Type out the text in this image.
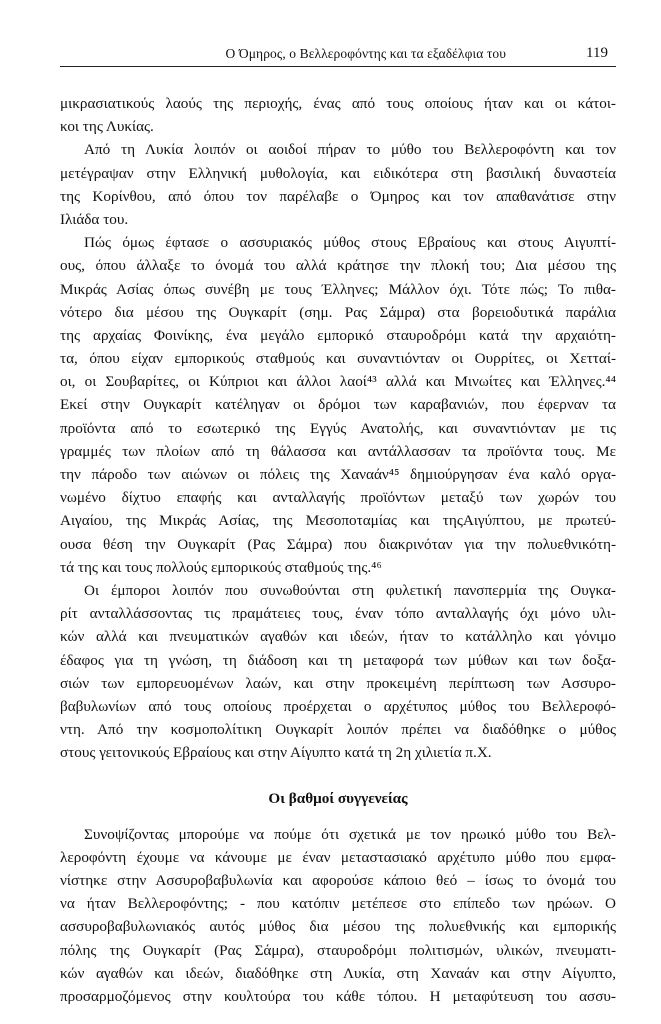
Ο Όμηρος, ο Βελλεροφόντης και τα εξαδέλφια του	119
μικρασιατικούς λαούς της περιοχής, ένας από τους οποίους ήταν και οι κάτοι-
κοι της Λυκίας.
Από τη Λυκία λοιπόν οι αοιδοί πήραν το μύθο του Βελλεροφόντη και τον
μετέγραψαν στην Ελληνική μυθολογία, και ειδικότερα στη βασιλική δυναστεία
της Κορίνθου, από όπου τον παρέλαβε ο Όμηρος και τον απαθανάτισε στην
Ιλιάδα του.
Πώς όμως έφτασε ο ασσυριακός μύθος στους Εβραίους και στους Αιγυπτί-
ους, όπου άλλαξε το όνομά του αλλά κράτησε την πλοκή του; Δια μέσου της
Μικράς Ασίας όπως συνέβη με τους Έλληνες; Μάλλον όχι. Τότε πώς; Το πιθα-
νότερο δια μέσου της Ουγκαρίτ (σημ. Ρας Σάμρα) στα βορειοδυτικά παράλια
της αρχαίας Φοινίκης, ένα μεγάλο εμπορικό σταυροδρόμι κατά την αρχαιότη-
τα, όπου είχαν εμπορικούς σταθμούς και συναντιόνταν οι Ουρρίτες, οι Χετταί-
οι, οι Σουβαρίτες, οι Κύπριοι και άλλοι λαοί⁴³ αλλά και Μινωίτες και Έλληνες.⁴⁴
Εκεί στην Ουγκαρίτ κατέληγαν οι δρόμοι των καραβανιών, που έφερναν τα
προϊόντα από το εσωτερικό της Εγγύς Ανατολής, και συναντιόνταν με τις
γραμμές των πλοίων από τη θάλασσα και αντάλλασσαν τα προϊόντα τους. Με
την πάροδο των αιώνων οι πόλεις της Χαναάν⁴⁵ δημιούργησαν ένα καλό οργα-
νωμένο δίχτυο επαφής και ανταλλαγής προϊόντων μεταξύ των χωρών του
Αιγαίου, της Μικράς Ασίας, της Μεσοποταμίας και τηςΑιγύπτου, με πρωτεύ-
ουσα θέση την Ουγκαρίτ (Ρας Σάμρα) που διακρινόταν για την πολυεθνικότη-
τά της και τους πολλούς εμπορικούς σταθμούς της.⁴⁶
Οι έμποροι λοιπόν που συνωθούνται στη φυλετική πανσπερμία της Ουγκα-
ρίτ ανταλλάσσοντας τις πραμάτειες τους, έναν τόπο ανταλλαγής όχι μόνο υλι-
κών αλλά και πνευματικών αγαθών και ιδεών, ήταν το κατάλληλο και γόνιμο
έδαφος για τη γνώση, τη διάδοση και τη μεταφορά των μύθων και των δοξα-
σιών των εμπορευομένων λαών, και στην προκειμένη περίπτωση των Ασσυρο-
βαβυλωνίων από τους οποίους προέρχεται ο αρχέτυπος μύθος του Βελλεροφό-
ντη. Από την κοσμοπολίτικη Ουγκαρίτ λοιπόν πρέπει να διαδόθηκε ο μύθος
στους γειτονικούς Εβραίους και στην Αίγυπτο κατά τη 2η χιλιετία π.Χ.
Οι βαθμοί συγγενείας
Συνοψίζοντας μπορούμε να πούμε ότι σχετικά με τον ηρωικό μύθο του Βελ-
λεροφόντη έχουμε να κάνουμε με έναν μεταστασιακό αρχέτυπο μύθο που εμφα-
νίστηκε στην Ασσυροβαβυλωνία και αφορούσε κάποιο θεό – ίσως το όνομά του
να ήταν Βελλεροφόντης; - που κατόπιν μετέπεσε στο επίπεδο των ηρώων. Ο
ασσυροβαβυλωνιακός αυτός μύθος δια μέσου της πολυεθνικής και εμπορικής
πόλης της Ουγκαρίτ (Ρας Σάμρα), σταυροδρόμι πολιτισμών, υλικών, πνευματι-
κών αγαθών και ιδεών, διαδόθηκε στη Λυκία, στη Χαναάν και στην Αίγυπτο,
προσαρμοζόμενος στην κουλτούρα του κάθε τόπου. Η μεταφύτευση του ασσυ-
